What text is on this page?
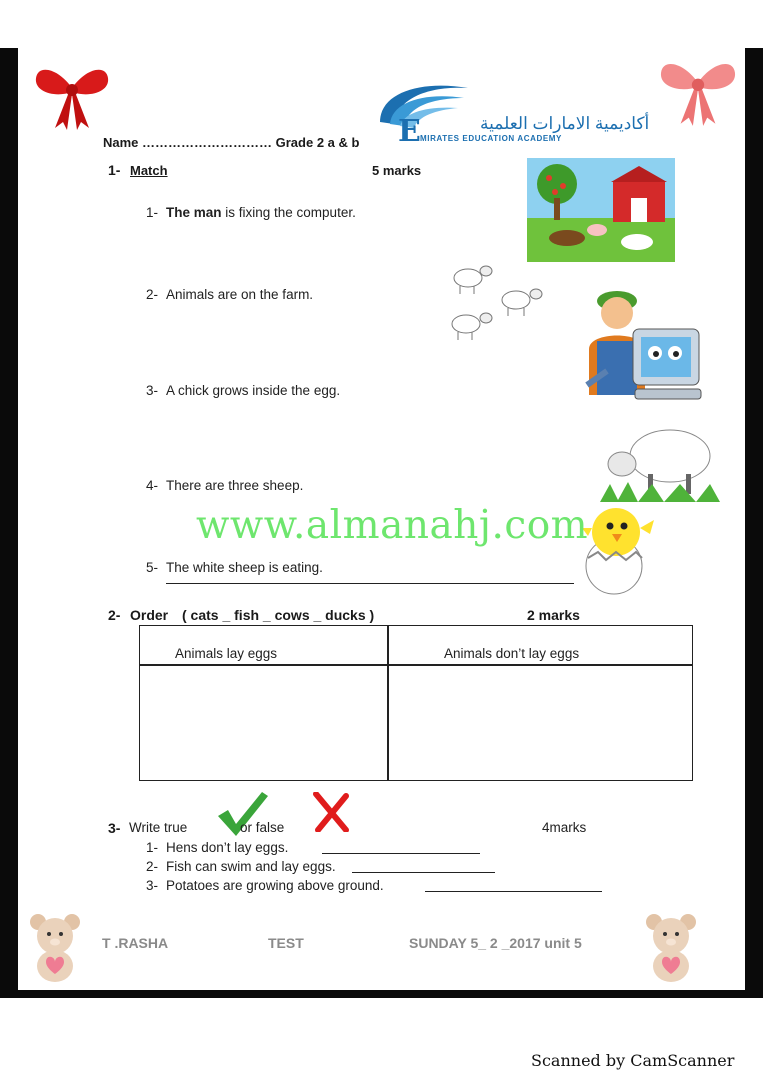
E	أكاديمية الامارات العلمية
MIRATES EDUCATION ACADEMY
Name ………………………… Grade 2 a & b
1- Match	5 marks
1- The man is fixing the computer.
2- Animals are on the farm.
3- A chick grows inside the egg.
4- There are three sheep.
5- The white sheep is eating.
www.almanahj.com
2- Order ( cats _ fish _ cows _ ducks )	2 marks
Animals lay eggs	Animals don’t lay eggs
3- Write true	or false	4marks
1- Hens don’t lay eggs.
2- Fish can swim and lay eggs.
3- Potatoes are growing above ground.
T .RASHA	TEST	SUNDAY 5_ 2 _2017 unit 5
Scanned by CamScanner
